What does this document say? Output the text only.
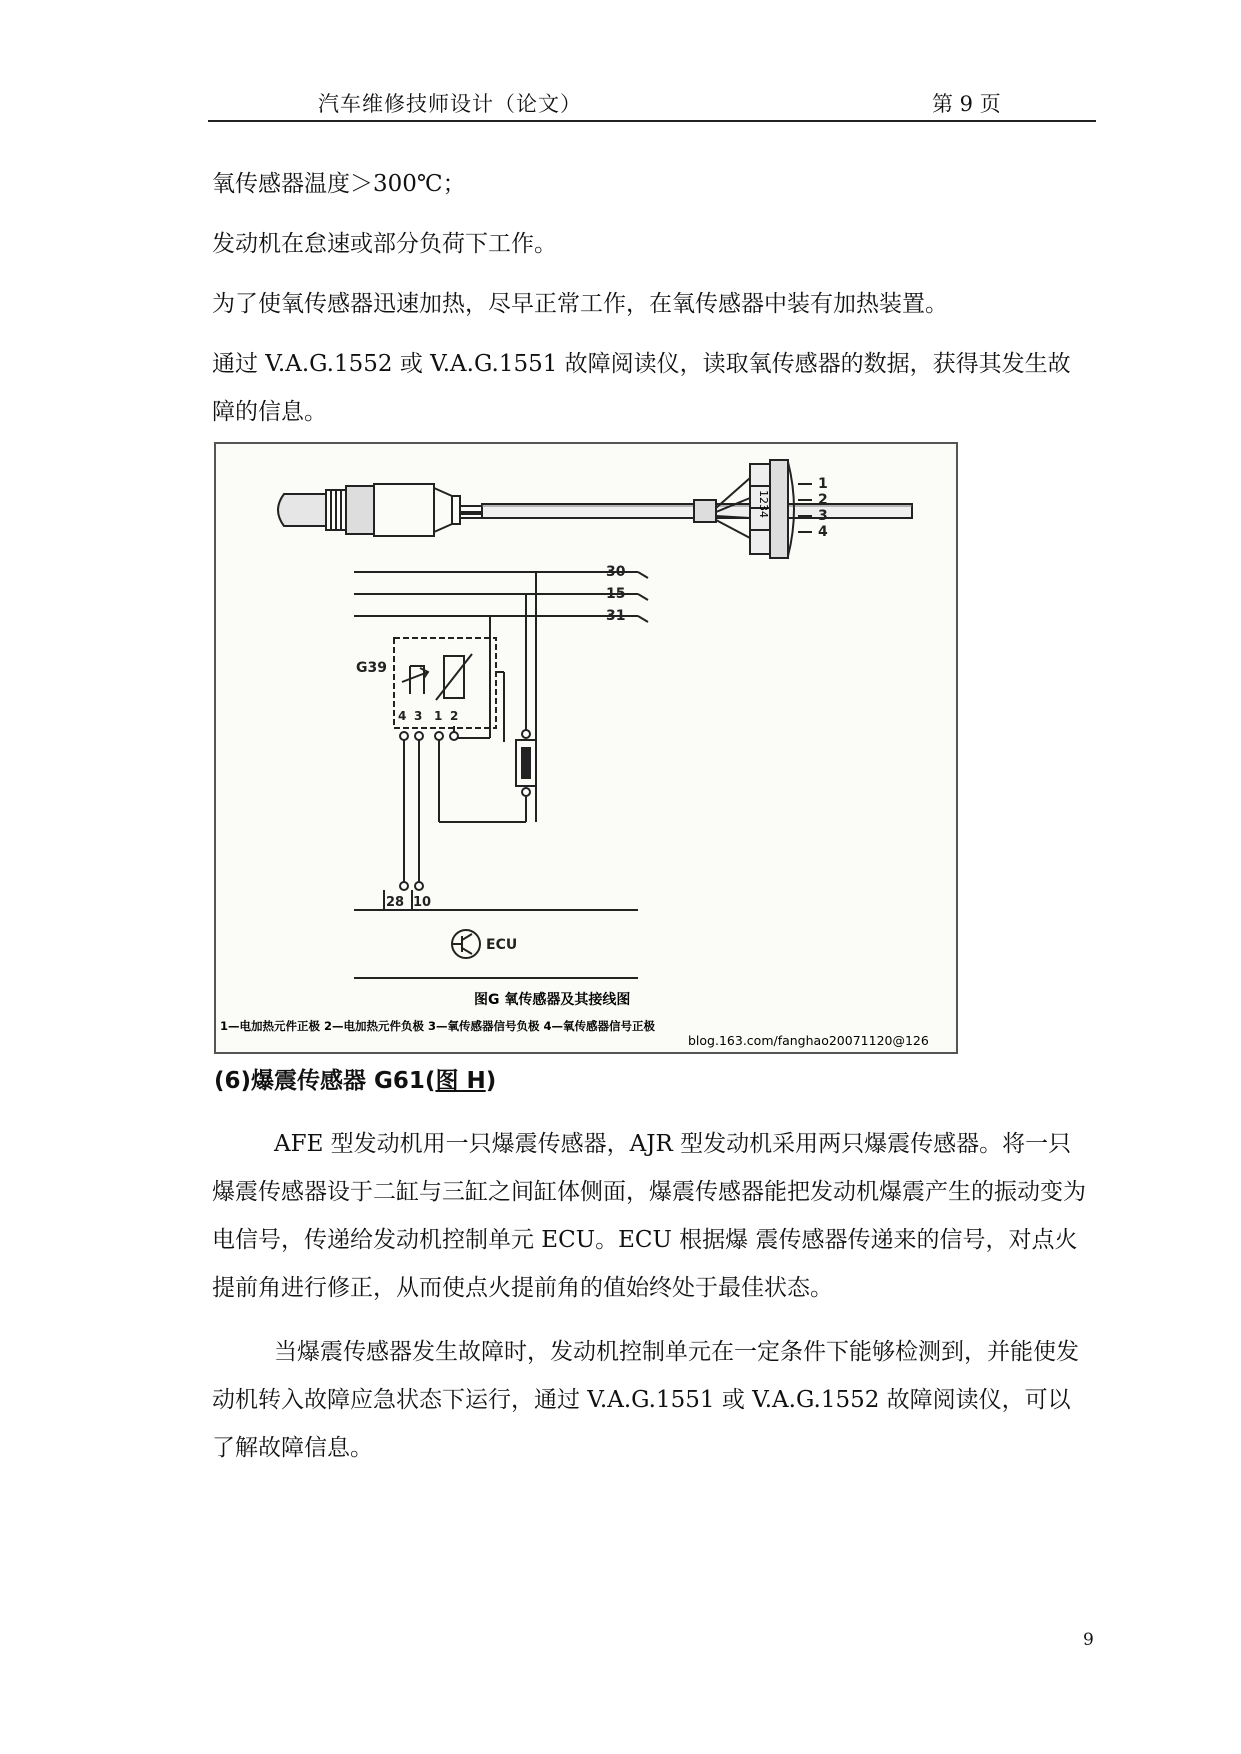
汽车维修技师设计（论文）	第 9 页

氧传感器温度＞300℃；

发动机在怠速或部分负荷下工作。

为了使氧传感器迅速加热，尽早正常工作，在氧传感器中装有加热装置。

通过 V.A.G.1552 或 V.A.G.1551 故障阅读仪，读取氧传感器的数据，获得其发生故障的信息。

1234
1
2
3
4
30
15
31
G39
4 3 1 2
28 10
ECU
图G 氧传感器及其接线图
1—电加热元件正极 2—电加热元件负极 3—氧传感器信号负极 4—氧传感器信号正极
blog.163.com/fanghao20071120@126
(6)爆震传感器 G61(图 H)

AFE 型发动机用一只爆震传感器，AJR 型发动机采用两只爆震传感器。将一只爆震传感器设于二缸与三缸之间缸体侧面，爆震传感器能把发动机爆震产生的振动变为电信号，传递给发动机控制单元 ECU。ECU 根据爆 震传感器传递来的信号，对点火提前角进行修正，从而使点火提前角的值始终处于最佳状态。

当爆震传感器发生故障时，发动机控制单元在一定条件下能够检测到，并能使发动机转入故障应急状态下运行，通过 V.A.G.1551 或 V.A.G.1552 故障阅读仪，可以了解故障信息。

9
